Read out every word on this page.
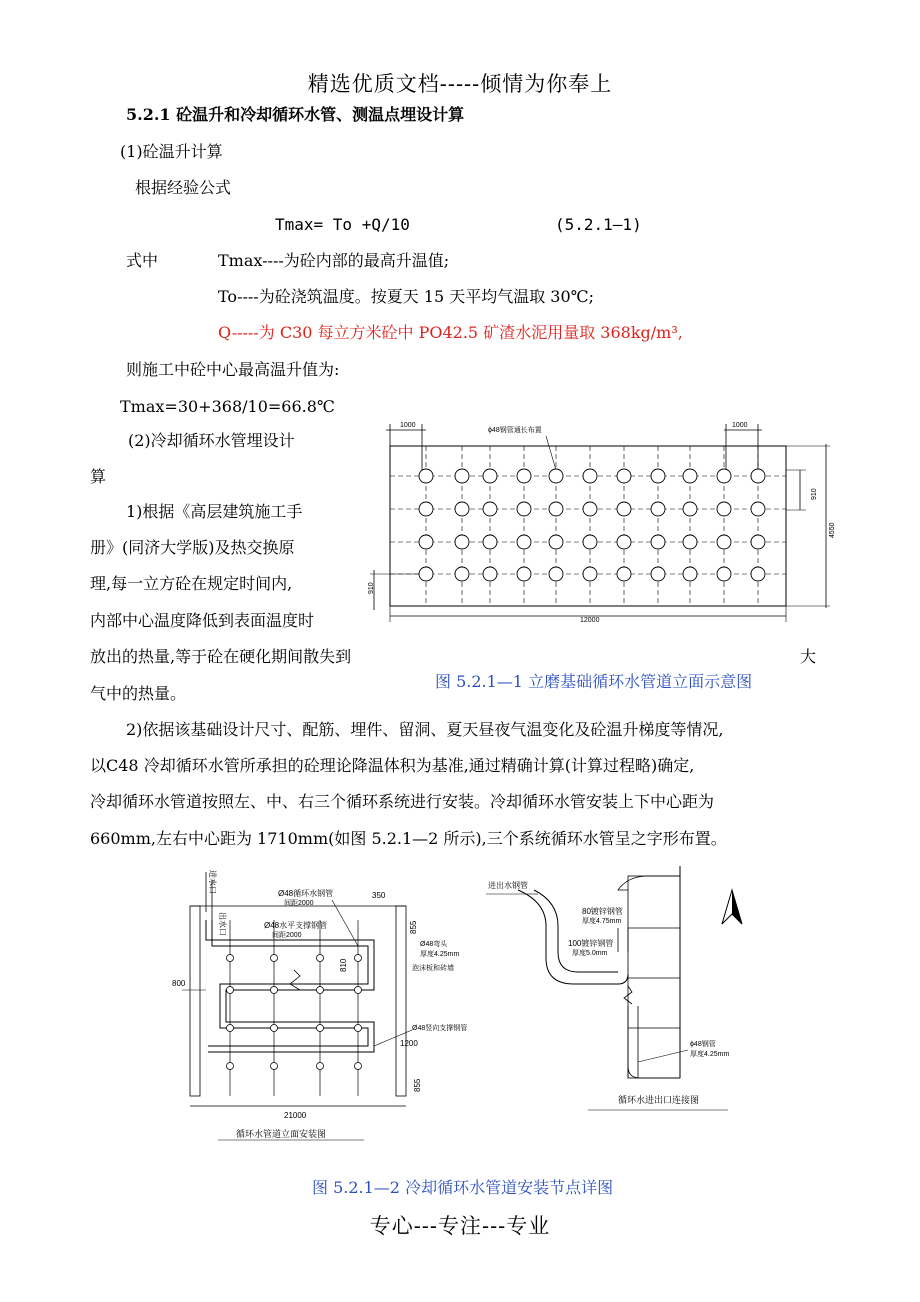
精选优质文档-----倾情为你奉上
5.2.1 砼温升和冷却循环水管、测温点埋设计算
(1)砼温升计算
根据经验公式
Tmax= To +Q/10	(5.2.1—1)
式中	Tmax----为砼内部的最高升温值;
To----为砼浇筑温度。按夏天 15 天平均气温取 30℃;
Q-----为 C30 每立方米砼中 PO42.5 矿渣水泥用量取 368kg/m³,
则施工中砼中心最高温升值为:
Tmax=30+368/10=66.8℃
(2)冷却循环水管埋设计
算
1)根据《高层建筑施工手
册》(同济大学版)及热交换原
理,每一立方砼在规定时间内,
内部中心温度降低到表面温度时
放出的热量,等于砼在硬化期间散失到	大
气中的热量。
图 5.2.1—1 立磨基础循环水管道立面示意图
2)依据该基础设计尺寸、配筋、埋件、留洞、夏天昼夜气温变化及砼温升梯度等情况,
以Ⅽ48 冷却循环水管所承担的砼理论降温体积为基准,通过精确计算(计算过程略)确定,
冷却循环水管道按照左、中、右三个循环系统进行安装。冷却循环水管安装上下中心距为
660mm,左右中心距为 1710mm(如图 5.2.1—2 所示),三个系统循环水管呈之字形布置。
1000	1000
ϕ48钢管通长布置
4550
910
910
12000
进水口
出水口
Ø48循环水钢管
间距2000
Ø48水平支撑钢管
间距2000
350
855
810
Ø48弯头
厚度4.25mm
泡沫板和砖墙
800
Ø48竖向支撑钢管
1200
855
21000
循环水管道立面安装图
进出水钢管
80镀锌钢管
厚度4.75mm
100镀锌钢管
厚度5.0mm
ϕ48钢管
厚度4.25mm
循环水进出口连接图
图 5.2.1—2 冷却循环水管道安装节点详图
专心---专注---专业
